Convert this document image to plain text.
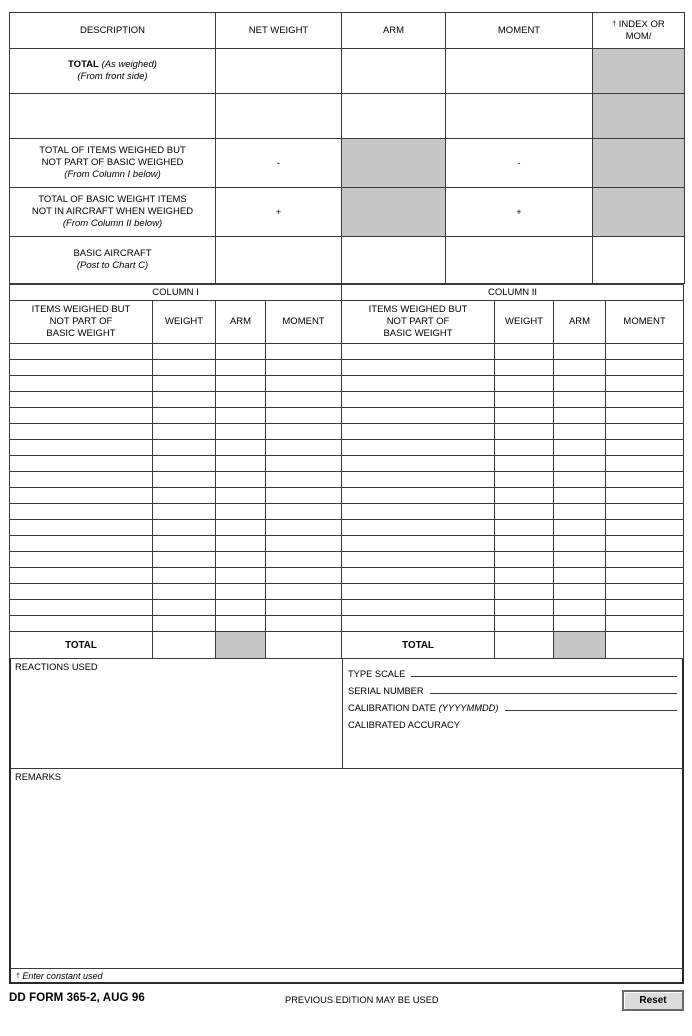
DESCRIPTION	NET WEIGHT	ARM	MOMENT	† INDEX OR
MOM/

TOTAL (As weighed)
(From front side)				

TOTAL OF ITEMS WEIGHED BUT
NOT PART OF BASIC WEIGHED
(From Column I below)	-		-	
TOTAL OF BASIC WEIGHT ITEMS
NOT IN AIRCRAFT WHEN WEIGHED
(From Column II below)	+		+	
BASIC AIRCRAFT
(Post to Chart C)				
COLUMN I				COLUMN II			
ITEMS WEIGHED BUT
NOT PART OF
BASIC WEIGHT	WEIGHT	ARM	MOMENT	ITEMS WEIGHED BUT
NOT PART OF
BASIC WEIGHT	WEIGHT	ARM	MOMENT

TOTAL				TOTAL			
REACTIONS USED
TYPE SCALE
SERIAL NUMBER
CALIBRATION DATE (YYYYMMDD)
CALIBRATED ACCURACY
REMARKS
† Enter constant used
DD FORM 365-2, AUG 96	PREVIOUS EDITION MAY BE USED	Reset
